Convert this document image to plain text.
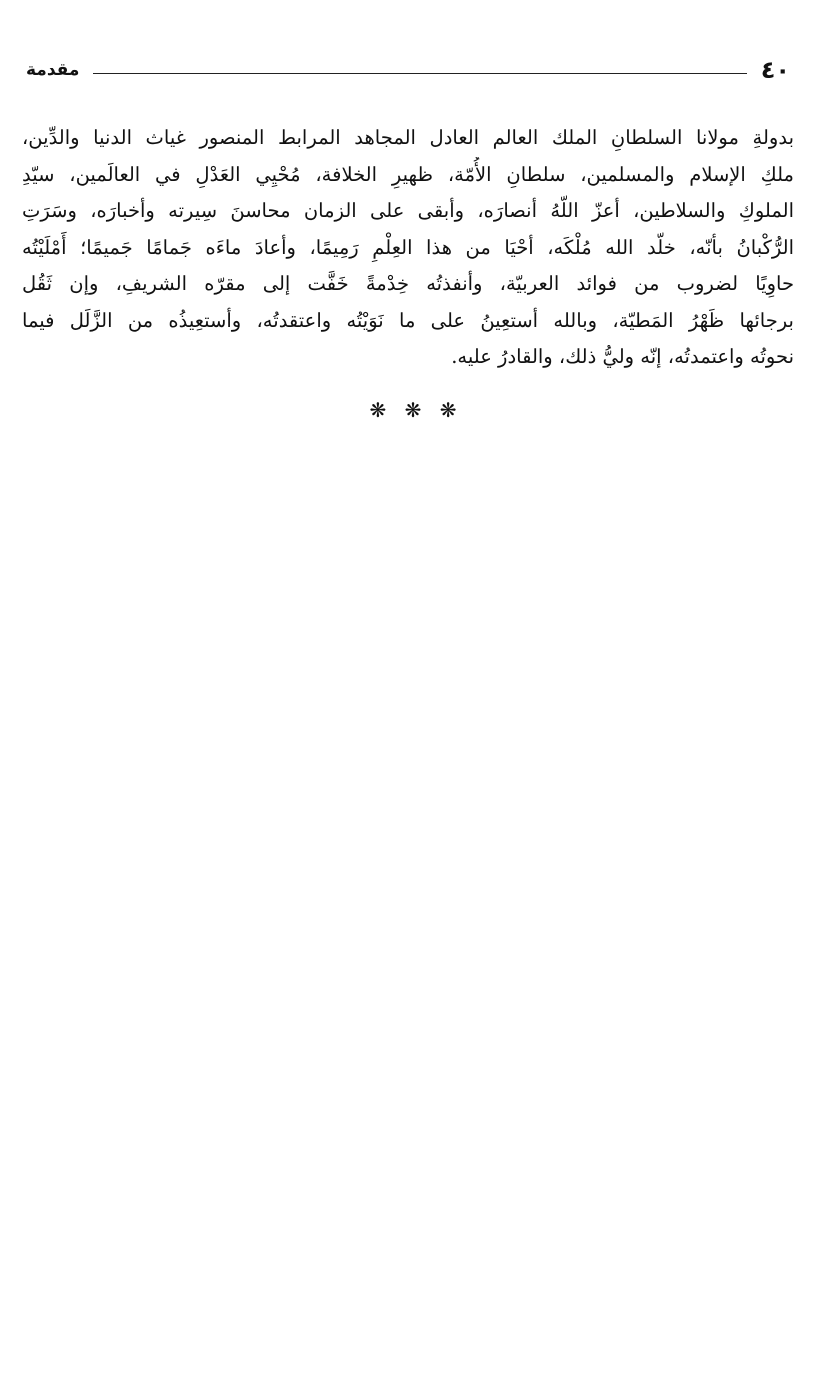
٤٠
مقدمة
بدولةِ مولانا السلطانِ الملك العالم العادل المجاهد المرابط المنصور غياث الدنيا والدِّين،
ملكِ الإسلام والمسلمين، سلطانِ الأُمّة، ظهيرِ الخلافة، مُحْيِي العَدْلِ في العالَمين، سيّدِ
الملوكِ والسلاطين، أعزّ اللّهُ أنصارَه، وأبقى على الزمان محاسنَ سِيرته وأخبارَه، وسَرَتِ
الرُّكْبانُ بأنّه، خلّد الله مُلْكَه، أحْيَا من هذا العِلْمِ رَمِيمًا، وأعادَ ماءَه جَمامًا جَميمًا؛ أَمْلَيْتُه
حاوِيًا لضروب من فوائد العربيّة، وأنفذتُه خِدْمةً خَفَّت إلى مقرّه الشريفِ، وإن ثَقُل
برجائها ظَهْرُ المَطيّة، وبالله أستعِينُ على ما نَوَيْتُه واعتقدتُه، وأستعِيذُه من الزَّلَل فيما
نحوتُه واعتمدتُه، إنّه وليُّ ذلك، والقادرُ عليه.
❋ ❋ ❋
